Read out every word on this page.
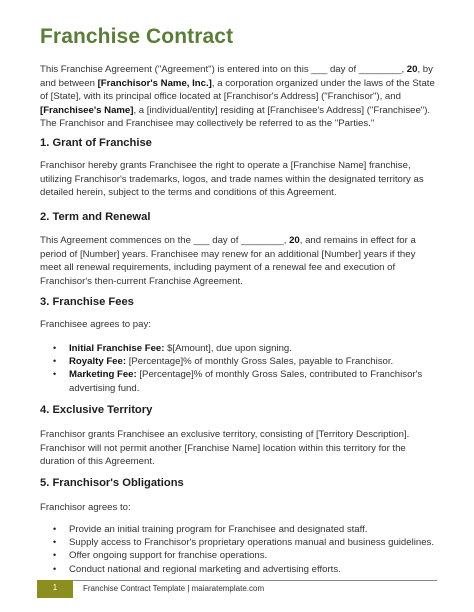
Franchise Contract
This Franchise Agreement ("Agreement") is entered into on this ___ day of ________, 20, by and between [Franchisor's Name, Inc.], a corporation organized under the laws of the State of [State], with its principal office located at [Franchisor's Address] ("Franchisor"), and [Franchisee's Name], a [individual/entity] residing at [Franchisee's Address] ("Franchisee"). The Franchisor and Franchisee may collectively be referred to as the "Parties."
1. Grant of Franchise
Franchisor hereby grants Franchisee the right to operate a [Franchise Name] franchise, utilizing Franchisor's trademarks, logos, and trade names within the designated territory as detailed herein, subject to the terms and conditions of this Agreement.
2. Term and Renewal
This Agreement commences on the ___ day of ________, 20, and remains in effect for a period of [Number] years. Franchisee may renew for an additional [Number] years if they meet all renewal requirements, including payment of a renewal fee and execution of Franchisor's then-current Franchise Agreement.
3. Franchise Fees
Franchisee agrees to pay:
• Initial Franchise Fee: $[Amount], due upon signing.
• Royalty Fee: [Percentage]% of monthly Gross Sales, payable to Franchisor.
• Marketing Fee: [Percentage]% of monthly Gross Sales, contributed to Franchisor's advertising fund.
4. Exclusive Territory
Franchisor grants Franchisee an exclusive territory, consisting of [Territory Description]. Franchisor will not permit another [Franchise Name] location within this territory for the duration of this Agreement.
5. Franchisor's Obligations
Franchisor agrees to:
• Provide an initial training program for Franchisee and designated staff.
• Supply access to Franchisor's proprietary operations manual and business guidelines.
• Offer ongoing support for franchise operations.
• Conduct national and regional marketing and advertising efforts.
1	Franchise Contract Template | maiaratemplate.com
